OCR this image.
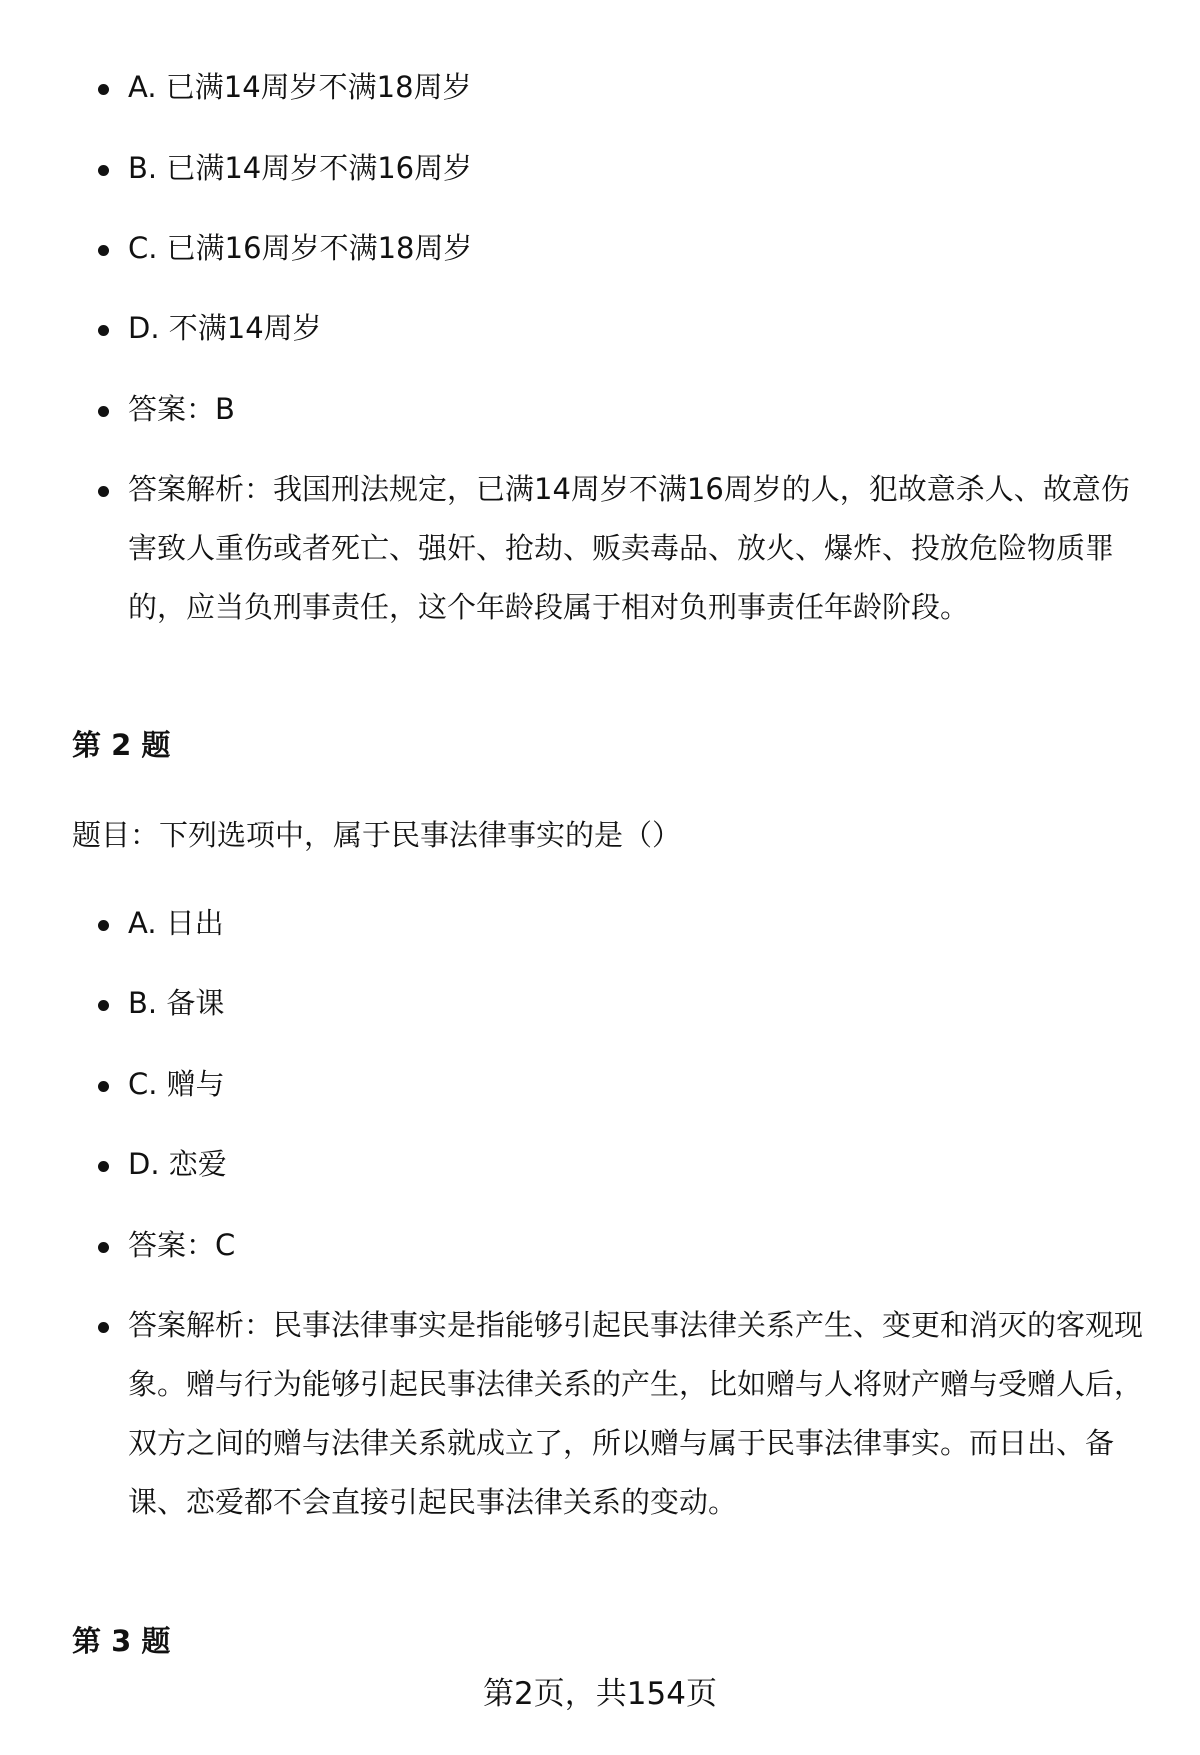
A. 已满14周岁不满18周岁
B. 已满14周岁不满16周岁
C. 已满16周岁不满18周岁
D. 不满14周岁
答案：B
答案解析：我国刑法规定，已满14周岁不满16周岁的人，犯故意杀人、故意伤害致人重伤或者死亡、强奸、抢劫、贩卖毒品、放火、爆炸、投放危险物质罪的，应当负刑事责任，这个年龄段属于相对负刑事责任年龄阶段。
第 2 题
题目：下列选项中，属于民事法律事实的是（）
A. 日出
B. 备课
C. 赠与
D. 恋爱
答案：C
答案解析：民事法律事实是指能够引起民事法律关系产生、变更和消灭的客观现象。赠与行为能够引起民事法律关系的产生，比如赠与人将财产赠与受赠人后，双方之间的赠与法律关系就成立了，所以赠与属于民事法律事实。而日出、备课、恋爱都不会直接引起民事法律关系的变动。
第 3 题
第2页，共154页
